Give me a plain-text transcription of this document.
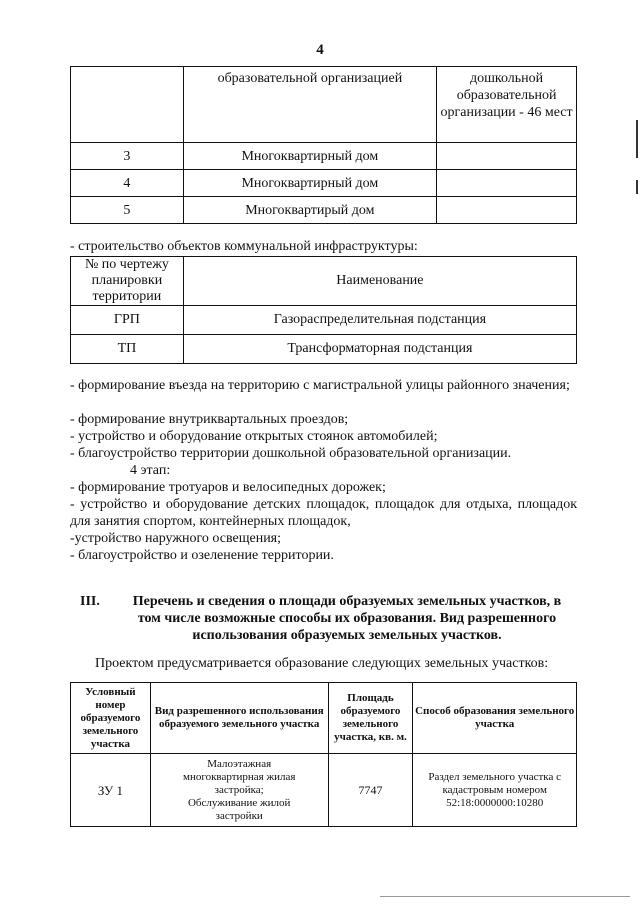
4
	образовательной организацией	дошкольной образовательной организации - 46 мест
3	Многоквартирный дом	
4	Многоквартирный дом	
5	Многоквартирый дом	
- строительство объектов коммунальной инфраструктуры:
№ по чертежу планировки территории	Наименование
ГРП	Газораспределительная подстанция
ТП	Трансформаторная подстанция
- формирование въезда на территорию с магистральной улицы районного значения;
- формирование внутриквартальных проездов;
- устройство и оборудование открытых стоянок автомобилей;
- благоустройство территории дошкольной образовательной организации.
4 этап:
- формирование тротуаров и велосипедных дорожек;
- устройство и оборудование детских площадок, площадок для отдыха, площадок для занятия спортом, контейнерных площадок,
-устройство наружного освещения;
- благоустройство и озеленение территории.
III.	Перечень и сведения о площади образуемых земельных участков, в том числе возможные способы их образования. Вид разрешенного использования образуемых земельных участков.
Проектом предусматривается образование следующих земельных участков:
Условный номер образуемого земельного участка	Вид разрешенного использования образуемого земельного участка	Площадь образуемого земельного участка, кв. м.	Способ образования земельного участка
ЗУ 1	Малоэтажная многоквартирная жилая застройка; Обслуживание жилой застройки	7747	Раздел земельного участка с кадастровым номером 52:18:0000000:10280
